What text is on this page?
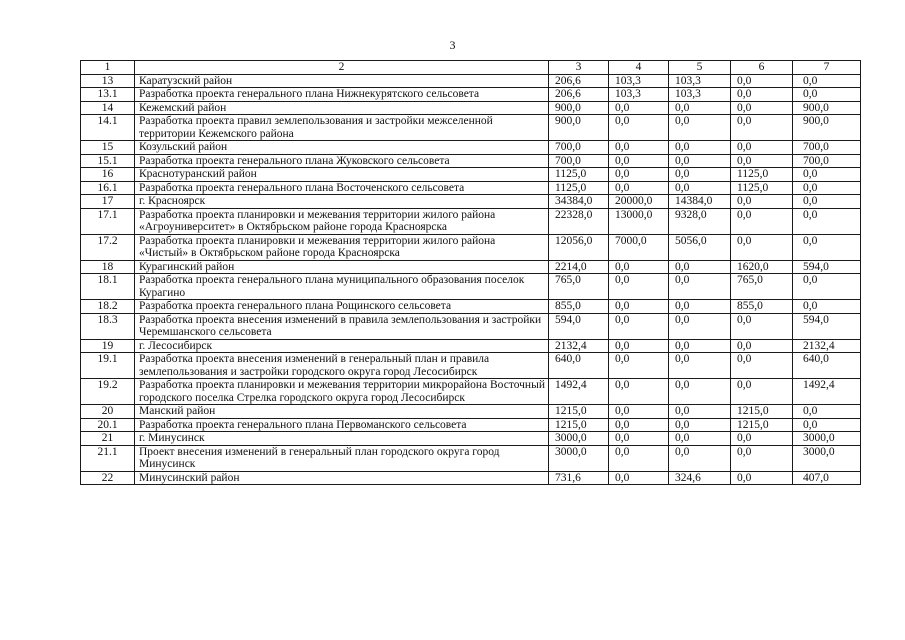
3
1	2	3	4	5	6	7
13	Каратузский район	206,6	103,3	103,3	0,0	0,0
13.1	Разработка проекта генерального плана Нижнекурятского сельсовета	206,6	103,3	103,3	0,0	0,0
14	Кежемский район	900,0	0,0	0,0	0,0	900,0
14.1	Разработка проекта правил землепользования и застройки межселенной территории Кежемского района	900,0	0,0	0,0	0,0	900,0
15	Козульский район	700,0	0,0	0,0	0,0	700,0
15.1	Разработка проекта генерального плана Жуковского сельсовета	700,0	0,0	0,0	0,0	700,0
16	Краснотуранский район	1125,0	0,0	0,0	1125,0	0,0
16.1	Разработка проекта генерального плана Восточенского сельсовета	1125,0	0,0	0,0	1125,0	0,0
17	г. Красноярск	34384,0	20000,0	14384,0	0,0	0,0
17.1	Разработка проекта планировки и межевания территории жилого района «Агроуниверситет» в Октябрьском районе города Красноярска	22328,0	13000,0	9328,0	0,0	0,0
17.2	Разработка проекта планировки и межевания территории жилого района «Чистый» в Октябрьском районе города Красноярска	12056,0	7000,0	5056,0	0,0	0,0
18	Курагинский район	2214,0	0,0	0,0	1620,0	594,0
18.1	Разработка проекта генерального плана муниципального образования поселок Курагино	765,0	0,0	0,0	765,0	0,0
18.2	Разработка проекта генерального плана Рощинского сельсовета	855,0	0,0	0,0	855,0	0,0
18.3	Разработка проекта внесения изменений в правила землепользования и застройки Черемшанского сельсовета	594,0	0,0	0,0	0,0	594,0
19	г. Лесосибирск	2132,4	0,0	0,0	0,0	2132,4
19.1	Разработка проекта внесения изменений в генеральный план и правила землепользования и застройки городского округа город Лесосибирск	640,0	0,0	0,0	0,0	640,0
19.2	Разработка проекта планировки и межевания территории микрорайона Восточный городского поселка Стрелка городского округа город Лесосибирск	1492,4	0,0	0,0	0,0	1492,4
20	Манский район	1215,0	0,0	0,0	1215,0	0,0
20.1	Разработка проекта генерального плана Первоманского сельсовета	1215,0	0,0	0,0	1215,0	0,0
21	г. Минусинск	3000,0	0,0	0,0	0,0	3000,0
21.1	Проект внесения изменений в генеральный план городского округа город Минусинск	3000,0	0,0	0,0	0,0	3000,0
22	Минусинский район	731,6	0,0	324,6	0,0	407,0
